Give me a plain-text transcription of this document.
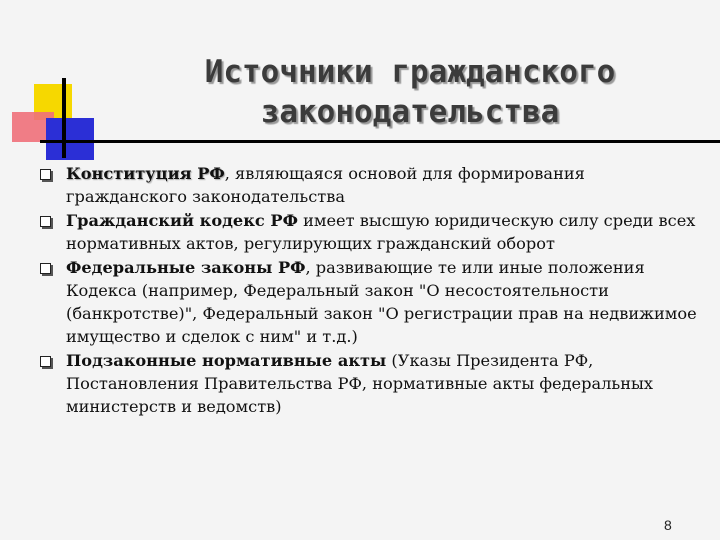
Источники гражданского
законодательства
Конституция РФ, являющаяся основой для формирования гражданского законодательства
Гражданский кодекс РФ имеет высшую юридическую силу среди всех нормативных актов, регулирующих гражданский оборот
Федеральные законы РФ, развивающие те или иные положения Кодекса (например, Федеральный закон "О несостоятельности (банкротстве)", Федеральный закон "О регистрации прав на недвижимое имущество и сделок с ним" и т.д.)
Подзаконные нормативные акты (Указы Президента РФ, Постановления Правительства РФ, нормативные акты федеральных министерств и ведомств)
8
